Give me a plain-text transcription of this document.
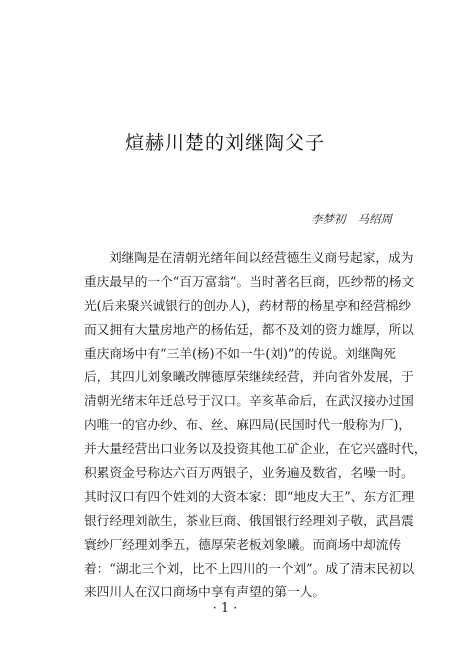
煊赫川楚的刘继陶父子
李梦初 马绍周
刘继陶是在清朝光绪年间以经营德生义商号起家，成为
重庆最早的一个“百万富翁”。当时著名巨商，匹纱帮的杨文
光(后来聚兴诚银行的创办人)，药材帮的杨星亭和经营棉纱
而又拥有大量房地产的杨佑廷，都不及刘的资力雄厚，所以
重庆商场中有“三羊(杨)不如一牛(刘)”的传说。刘继陶死
后，其四儿刘象曦改牌德厚荣继续经营，并向省外发展，于
清朝光绪末年迁总号于汉口。辛亥革命后，在武汉接办过国
内唯一的官办纱、布、丝、麻四局(民国时代一般称为厂)，
并大量经营出口业务以及投资其他工矿企业，在它兴盛时代，
积累资金号称达六百万两银子，业务遍及数省，名噪一时。
其时汉口有四个姓刘的大资本家：即“地皮大王”、东方汇理
银行经理刘歆生，茶业巨商、俄国银行经理刘子敬，武昌震
寰纱厂经理刘季五，德厚荣老板刘象曦。而商场中却流传
着：“湖北三个刘，比不上四川的一个刘”。成了清末民初以
来四川人在汉口商场中享有声望的第一人。
· 1 ·
